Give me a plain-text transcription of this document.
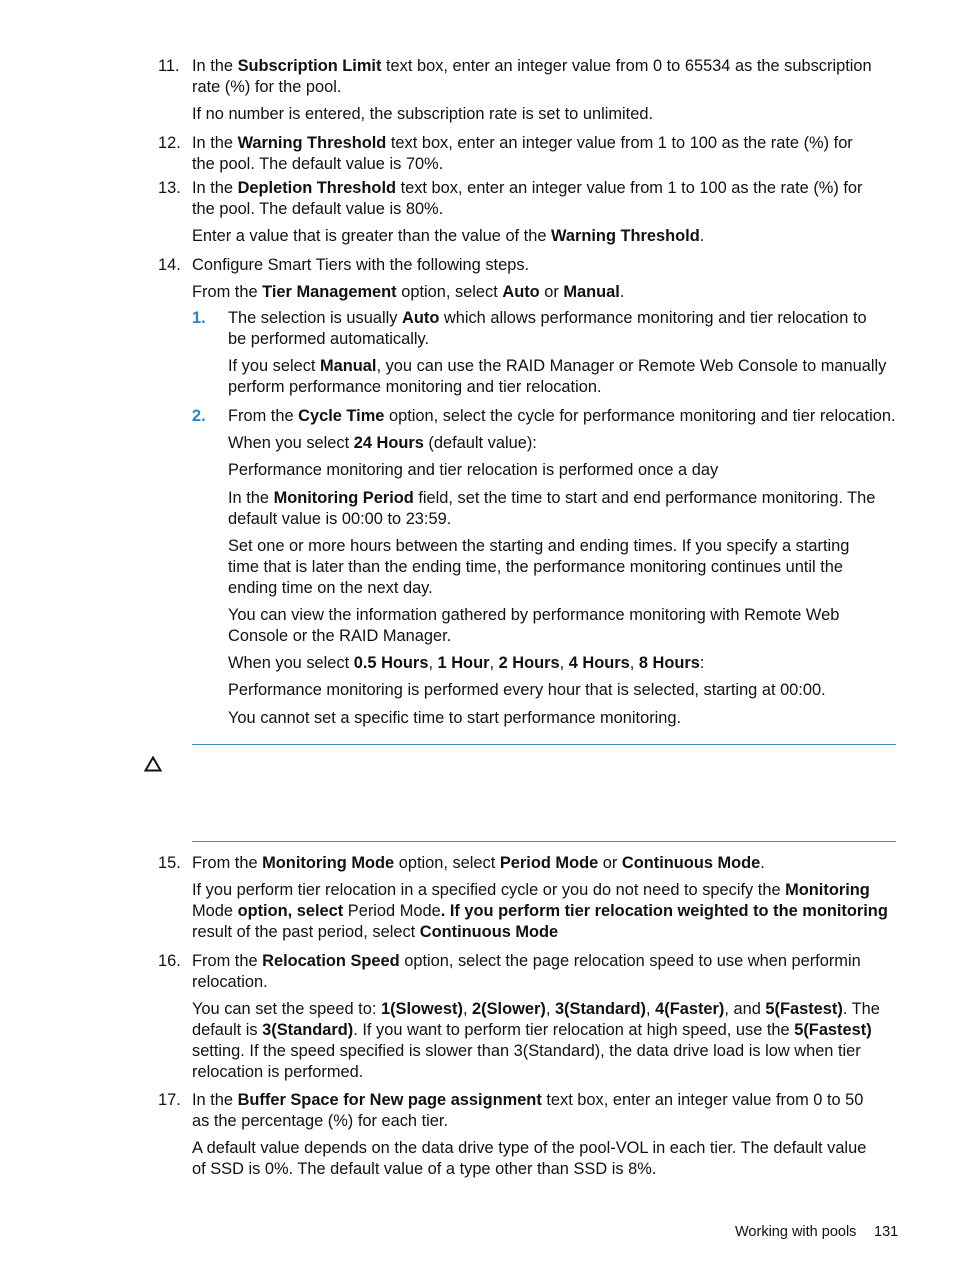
11. In the Subscription Limit text box, enter an integer value from 0 to 65534 as the subscription
rate (%) for the pool.
If no number is entered, the subscription rate is set to unlimited.
12. In the Warning Threshold text box, enter an integer value from 1 to 100 as the rate (%) for
the pool. The default value is 70%.
13. In the Depletion Threshold text box, enter an integer value from 1 to 100 as the rate (%) for
the pool. The default value is 80%.
Enter a value that is greater than the value of the Warning Threshold.
14. Configure Smart Tiers with the following steps.
From the Tier Management option, select Auto or Manual.
1. The selection is usually Auto which allows performance monitoring and tier relocation to
be performed automatically.
If you select Manual, you can use the RAID Manager or Remote Web Console to manually
perform performance monitoring and tier relocation.
2. From the Cycle Time option, select the cycle for performance monitoring and tier relocation.
When you select 24 Hours (default value):
Performance monitoring and tier relocation is performed once a day
In the Monitoring Period field, set the time to start and end performance monitoring. The
default value is 00:00 to 23:59.
Set one or more hours between the starting and ending times. If you specify a starting
time that is later than the ending time, the performance monitoring continues until the
ending time on the next day.
You can view the information gathered by performance monitoring with Remote Web
Console or the RAID Manager.
When you select 0.5 Hours, 1 Hour, 2 Hours, 4 Hours, 8 Hours:
Performance monitoring is performed every hour that is selected, starting at 00:00.
You cannot set a specific time to start performance monitoring.
15. From the Monitoring Mode option, select Period Mode or Continuous Mode.
If you perform tier relocation in a specified cycle or you do not need to specify the Monitoring
Mode option, select Period Mode. If you perform tier relocation weighted to the monitoring
result of the past period, select Continuous Mode
16. From the Relocation Speed option, select the page relocation speed to use when performin
relocation.
You can set the speed to: 1(Slowest), 2(Slower), 3(Standard), 4(Faster), and 5(Fastest). The
default is 3(Standard). If you want to perform tier relocation at high speed, use the 5(Fastest)
setting. If the speed specified is slower than 3(Standard), the data drive load is low when tier
relocation is performed.
17. In the Buffer Space for New page assignment text box, enter an integer value from 0 to 50
as the percentage (%) for each tier.
A default value depends on the data drive type of the pool-VOL in each tier. The default value
of SSD is 0%. The default value of a type other than SSD is 8%.
Working with pools 131
